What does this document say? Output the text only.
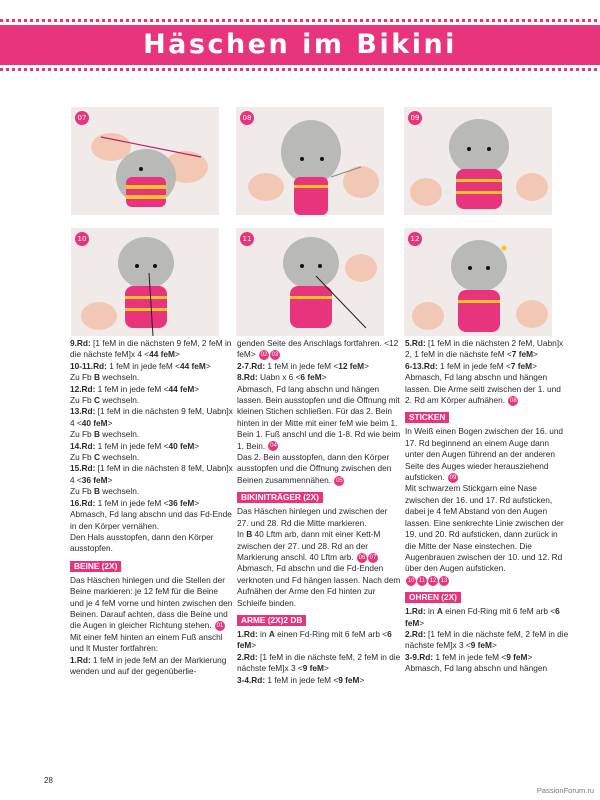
Häschen im Bikini
07	08	09
10	11	12

9.Rd: [1 feM in die nächsten 9 feM, 2 feM in die nächste feM]x 4 <44 feM>

10-11.Rd: 1 feM in jede feM <44 feM>

Zu Fb B wechseln.

12.Rd: 1 feM in jede feM <44 feM>

Zu Fb C wechseln.

13.Rd: [1 feM in die nächsten 9 feM, Uabn]x 4 <40 feM>

Zu Fb B wechseln.

14.Rd: 1 feM in jede feM <40 feM>

Zu Fb C wechseln.

15.Rd: [1 feM in die nächsten 8 feM, Uabn]x 4 <36 feM>

Zu Fb B wechseln.

16.Rd: 1 feM in jede feM <36 feM>

Abmasch, Fd lang abschn und das Fd-Ende in den Körper vernähen.

Den Hals ausstopfen, dann den Körper ausstopfen.

BEINE (2X)

Das Häschen hinlegen und die Stellen der Beine markieren: je 12 feM für die Beine und je 4 feM vorne und hinten zwischen den Beinen. Darauf achten, dass die Beine und die Augen in gleicher Richtung stehen. 01

Mit einer feM hinten an einem Fuß anschl und lt Muster fortfahren:

1.Rd: 1 feM in jede feM an der Markierung wenden und auf der gegenüberlie-

genden Seite des Anschlags fortfahren. <12 feM> 02 03

2-7.Rd: 1 feM in jede feM <12 feM>

8.Rd: Uabn x 6 <6 feM>

Abmasch, Fd lang abschn und hängen lassen. Bein ausstopfen und die Öffnung mit kleinen Stichen schließen. Für das 2. Bein hinten in der Mitte mit einer feM wie beim 1. Bein 1. Fuß anschl und die 1-8. Rd wie beim 1. Bein. 04

Das 2. Bein ausstopfen, dann den Körper ausstopfen und die Öffnung zwischen den Beinen zusammennähen. 05

BIKINITRÄGER (2X)

Das Häschen hinlegen und zwischen der 27. und 28. Rd die Mitte markieren.

In B 40 Lftm arb, dann mit einer Kett-M zwischen der 27. und 28. Rd an der Markierung anschl. 40 Lftm arb. 06 07

Abmasch, Fd abschn und die Fd-Enden verknoten und Fd hängen lassen. Nach dem Aufnähen der Arme den Fd hinten zur Schleife binden.

ARME (2X)2 DB

1.Rd: in A einen Fd-Ring mit 6 feM arb <6 feM>

2.Rd: [1 feM in die nächste feM, 2 feM in die nächste feM]x 3 <9 feM>

3-4.Rd: 1 feM in jede feM <9 feM>

5.Rd: [1 feM in die nächsten 2 feM, Uabn]x 2, 1 feM in die nächste feM <7 feM>

6-13.Rd: 1 feM in jede feM <7 feM>

Abmasch, Fd lang abschn und hängen lassen. Die Arme seitl zwischen der 1. und 2. Rd am Körper aufnähen. 08

STICKEN

In Weiß einen Bogen zwischen der 16. und 17. Rd beginnend an einem Auge dann unter den Augen führend an der anderen Seite des Auges wieder herausziehend aufsticken. 09

Mit schwarzem Stickgarn eine Nase zwischen der 16. und 17. Rd aufsticken, dabei je 4 feM Abstand von den Augen lassen. Eine senkrechte Linie zwischen der 19. und 20. Rd aufsticken, dann zurück in die Mitte der Nase einstechen. Die Augenbrauen zwischen der 10. und 12. Rd über den Augen aufsticken.

10 11 12 13

OHREN (2X)

1.Rd: in A einen Fd-Ring mit 6 feM arb <6 feM>

2.Rd: [1 feM in die nächste feM, 2 feM in die nächste feM]x 3 <9 feM>

3-9.Rd: 1 feM in jede feM <9 feM>

Abmasch, Fd lang abschn und hängen

28
PassionForum.ru
